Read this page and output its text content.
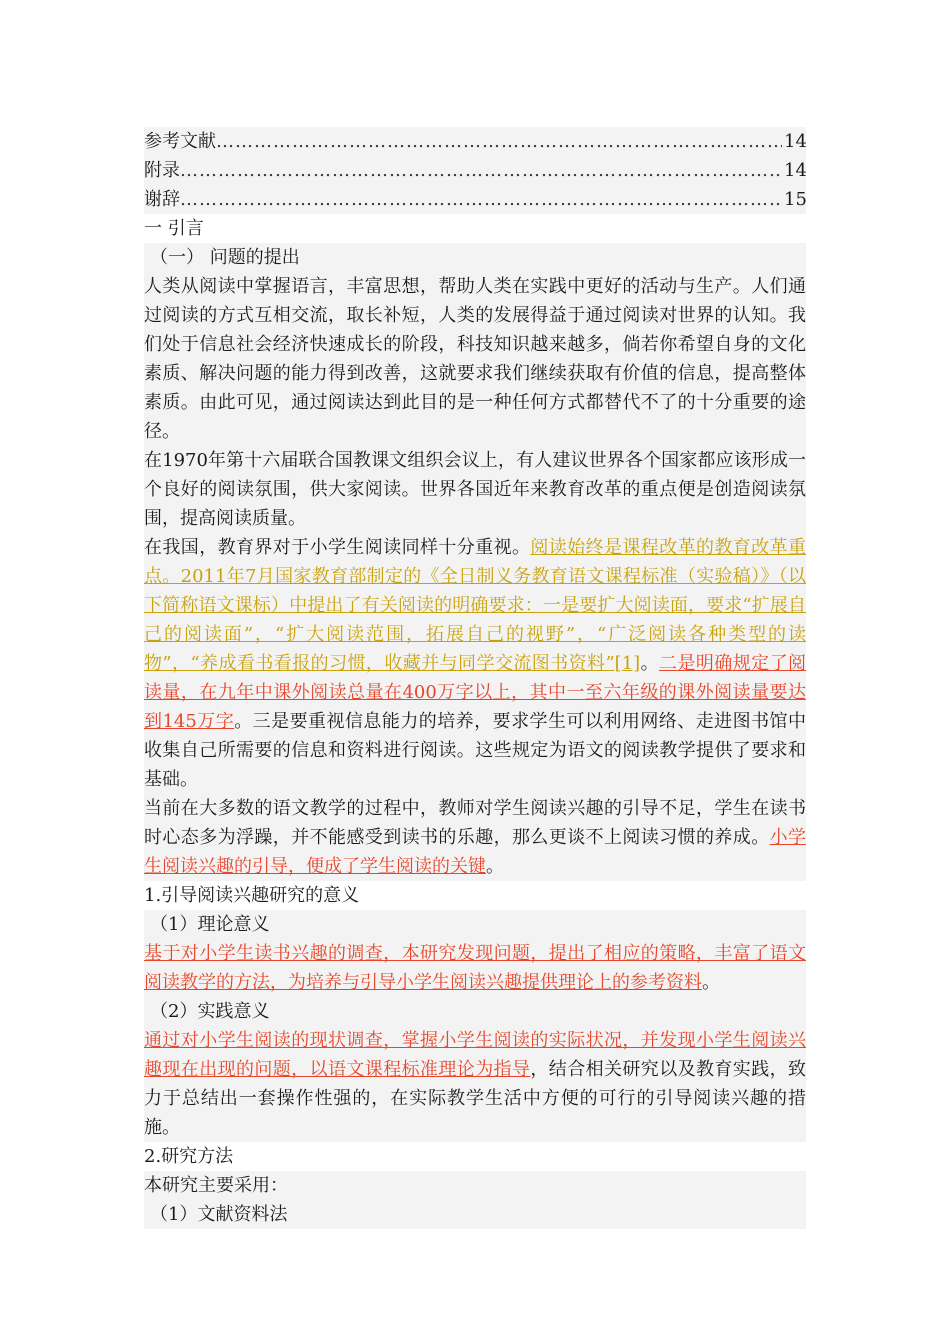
参考文献 ……………………………………………………………………………………………………………………………………	14
附录 ……………………………………………………………………………………………………………………………………	14
谢辞 ……………………………………………………………………………………………………………………………………	15
一 引言
（一） 问题的提出
人类从阅读中掌握语言，丰富思想，帮助人类在实践中更好的活动与生产。人们通过阅读的方式互相交流，取长补短，人类的发展得益于通过阅读对世界的认知。我们处于信息社会经济快速成长的阶段，科技知识越来越多，倘若你希望自身的文化素质、解决问题的能力得到改善，这就要求我们继续获取有价值的信息，提高整体素质。由此可见，通过阅读达到此目的是一种任何方式都替代不了的十分重要的途径。
在1970年第十六届联合国教课文组织会议上，有人建议世界各个国家都应该形成一个良好的阅读氛围，供大家阅读。世界各国近年来教育改革的重点便是创造阅读氛围，提高阅读质量。
在我国，教育界对于小学生阅读同样十分重视。阅读始终是课程改革的教育改革重点。2011年7月国家教育部制定的《全日制义务教育语文课程标准（实验稿）》（以下简称语文课标）中提出了有关阅读的明确要求：一是要扩大阅读面，要求“扩展自己的阅读面”，“扩大阅读范围，拓展自己的视野”，“广泛阅读各种类型的读物”，“养成看书看报的习惯，收藏并与同学交流图书资料”[1]。二是明确规定了阅读量，在九年中课外阅读总量在400万字以上，其中一至六年级的课外阅读量要达到145万字。三是要重视信息能力的培养，要求学生可以利用网络、走进图书馆中收集自己所需要的信息和资料进行阅读。这些规定为语文的阅读教学提供了要求和基础。
当前在大多数的语文教学的过程中，教师对学生阅读兴趣的引导不足，学生在读书时心态多为浮躁，并不能感受到读书的乐趣，那么更谈不上阅读习惯的养成。小学生阅读兴趣的引导，便成了学生阅读的关键。
1.引导阅读兴趣研究的意义
（1）理论意义
基于对小学生读书兴趣的调查，本研究发现问题，提出了相应的策略，丰富了语文阅读教学的方法，为培养与引导小学生阅读兴趣提供理论上的参考资料。
（2）实践意义
通过对小学生阅读的现状调查，掌握小学生阅读的实际状况，并发现小学生阅读兴趣现在出现的问题，以语文课程标准理论为指导，结合相关研究以及教育实践，致力于总结出一套操作性强的，在实际教学生活中方便的可行的引导阅读兴趣的措施。
2.研究方法
本研究主要采用：
（1）文献资料法
